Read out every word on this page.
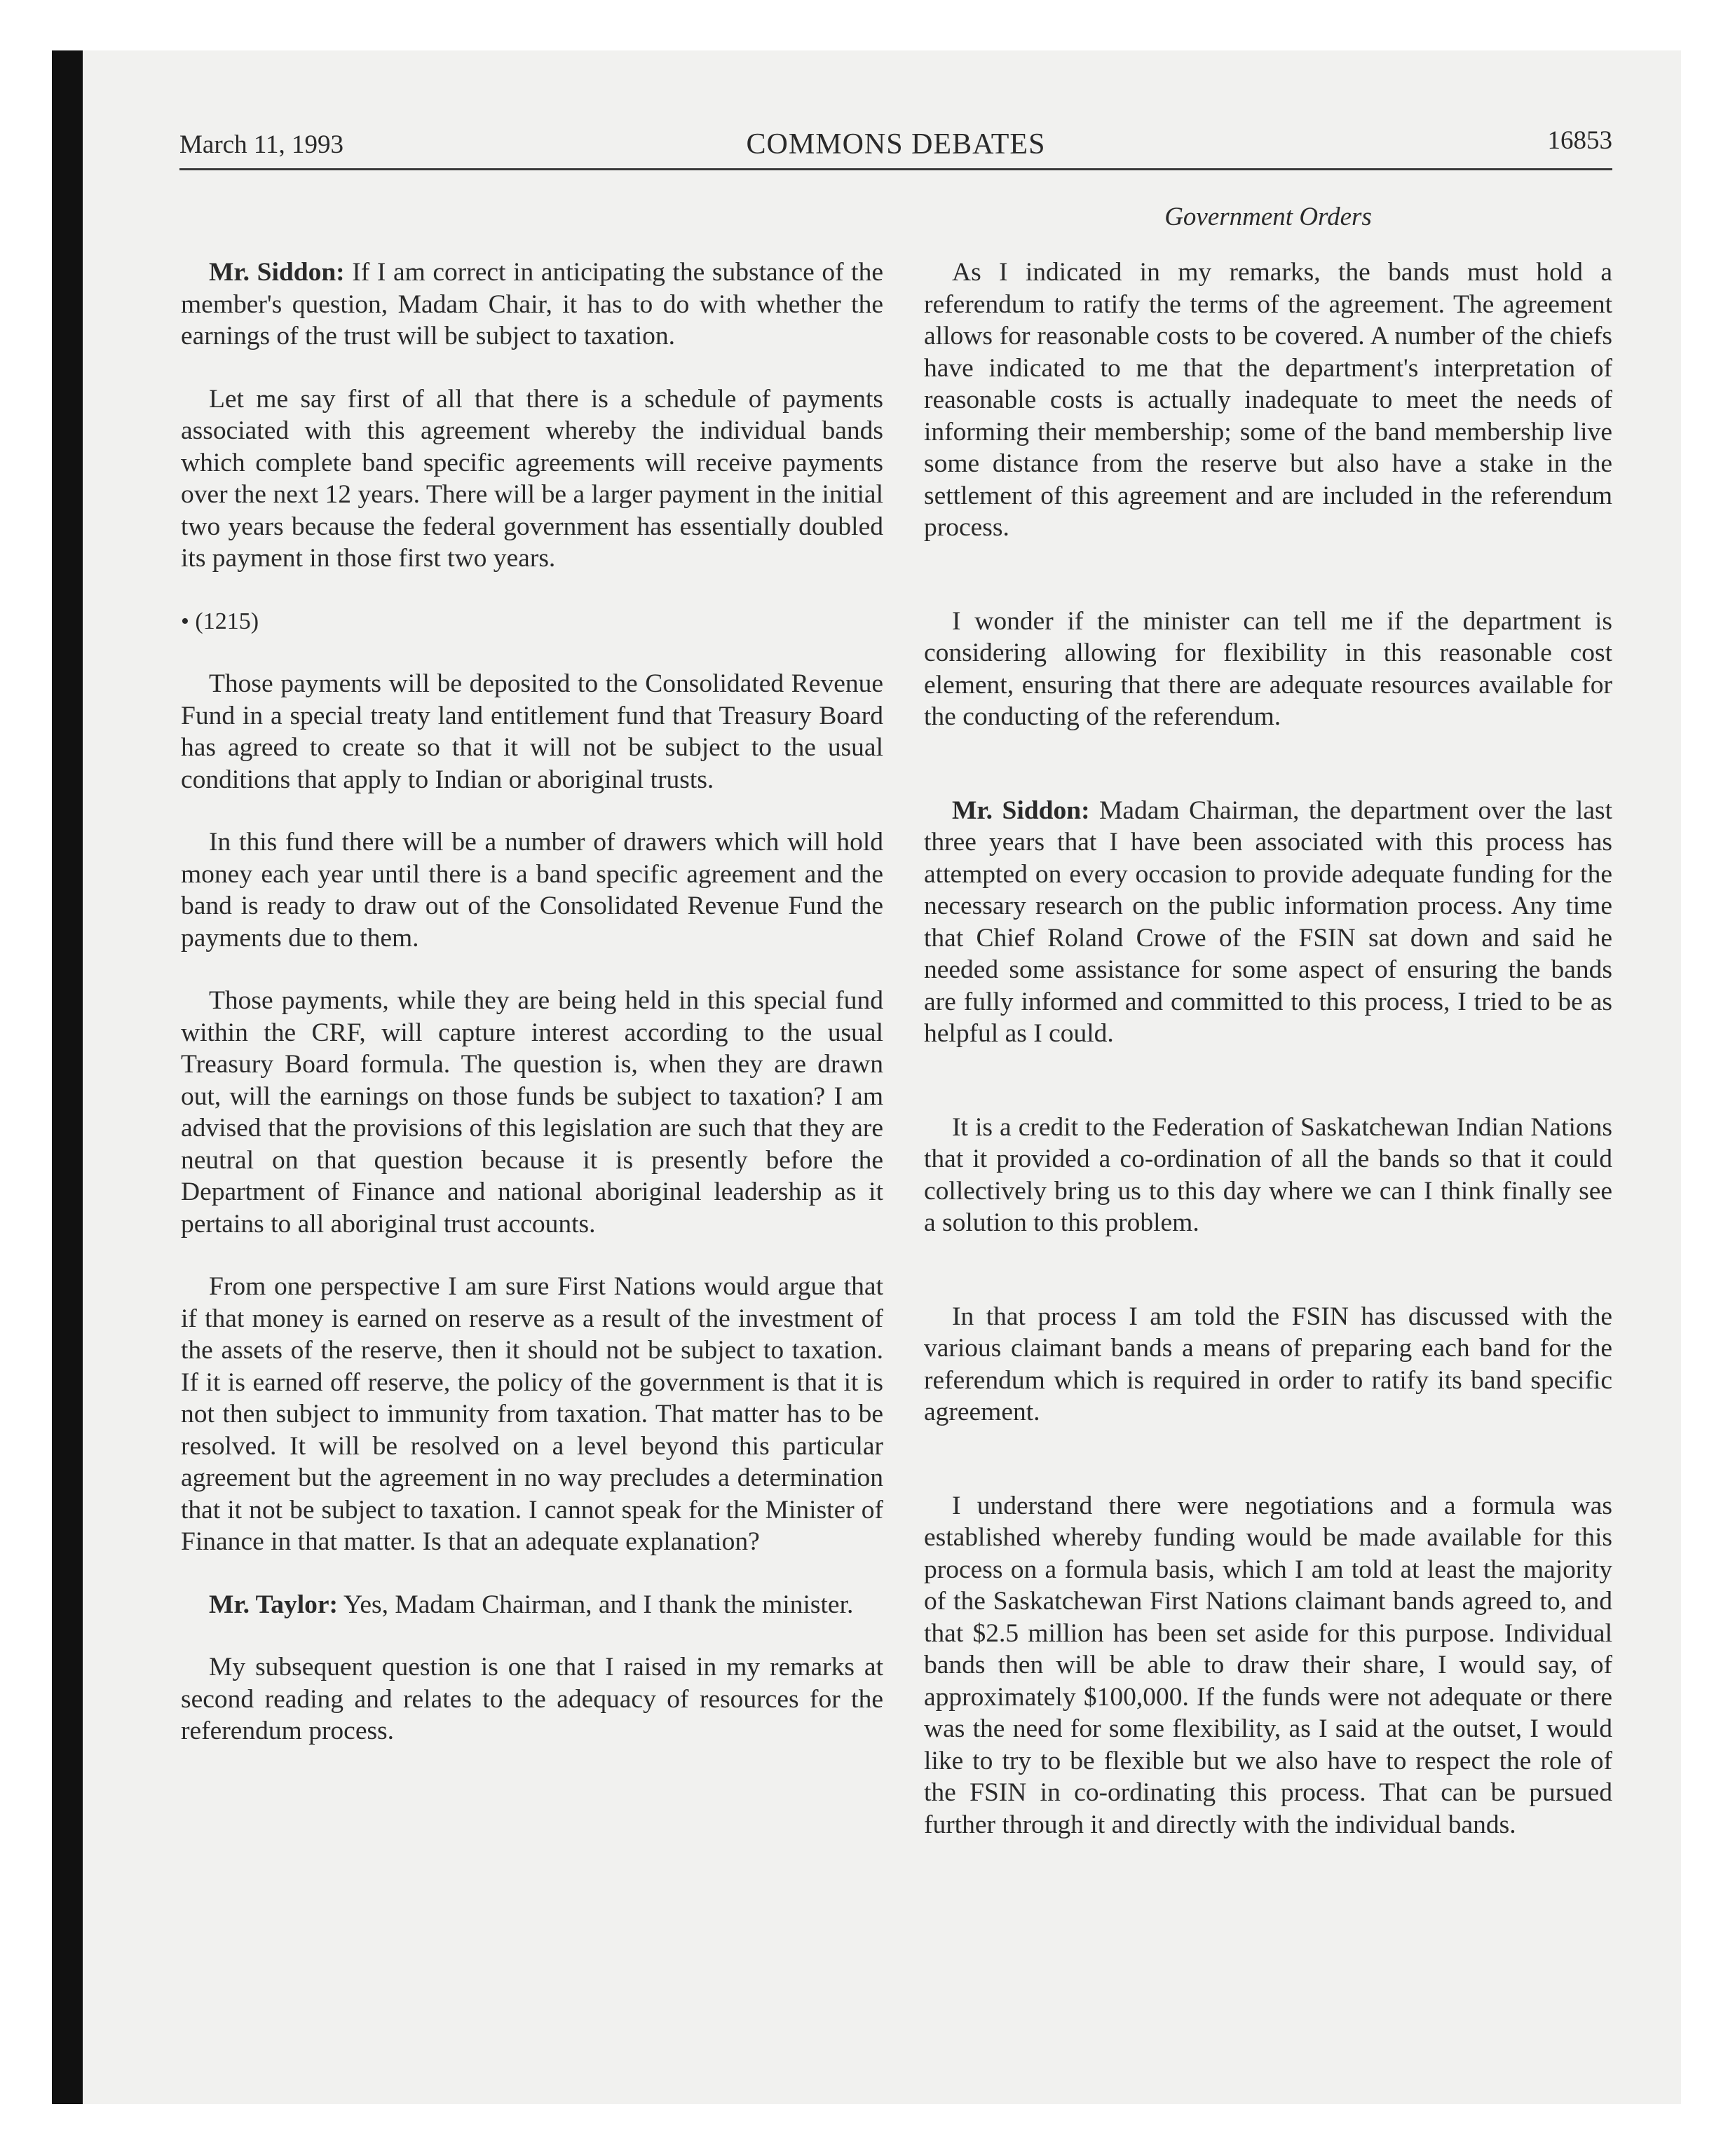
March 11, 1993	COMMONS DEBATES	16853
Government Orders

Mr. Siddon: If I am correct in anticipating the substance of the member's question, Madam Chair, it has to do with whether the earnings of the trust will be subject to taxation.

Let me say first of all that there is a schedule of payments associated with this agreement whereby the individual bands which complete band specific agreements will receive payments over the next 12 years. There will be a larger payment in the initial two years because the federal government has essentially doubled its payment in those first two years.

• (1215)

Those payments will be deposited to the Consolidated Revenue Fund in a special treaty land entitlement fund that Treasury Board has agreed to create so that it will not be subject to the usual conditions that apply to Indian or aboriginal trusts.

In this fund there will be a number of drawers which will hold money each year until there is a band specific agreement and the band is ready to draw out of the Consolidated Revenue Fund the payments due to them.

Those payments, while they are being held in this special fund within the CRF, will capture interest according to the usual Treasury Board formula. The question is, when they are drawn out, will the earnings on those funds be subject to taxation? I am advised that the provisions of this legislation are such that they are neutral on that question because it is presently before the Department of Finance and national aboriginal leadership as it pertains to all aboriginal trust accounts.

From one perspective I am sure First Nations would argue that if that money is earned on reserve as a result of the investment of the assets of the reserve, then it should not be subject to taxation. If it is earned off reserve, the policy of the government is that it is not then subject to immunity from taxation. That matter has to be resolved. It will be resolved on a level beyond this particular agreement but the agreement in no way precludes a determination that it not be subject to taxation. I cannot speak for the Minister of Finance in that matter. Is that an adequate explanation?

Mr. Taylor: Yes, Madam Chairman, and I thank the minister.

My subsequent question is one that I raised in my remarks at second reading and relates to the adequacy of resources for the referendum process.

As I indicated in my remarks, the bands must hold a referendum to ratify the terms of the agreement. The agreement allows for reasonable costs to be covered. A number of the chiefs have indicated to me that the department's interpretation of reasonable costs is actually inadequate to meet the needs of informing their membership; some of the band membership live some distance from the reserve but also have a stake in the settlement of this agreement and are included in the referendum process.

I wonder if the minister can tell me if the department is considering allowing for flexibility in this reasonable cost element, ensuring that there are adequate resources available for the conducting of the referendum.

Mr. Siddon: Madam Chairman, the department over the last three years that I have been associated with this process has attempted on every occasion to provide adequate funding for the necessary research on the public information process. Any time that Chief Roland Crowe of the FSIN sat down and said he needed some assistance for some aspect of ensuring the bands are fully informed and committed to this process, I tried to be as helpful as I could.

It is a credit to the Federation of Saskatchewan Indian Nations that it provided a co-ordination of all the bands so that it could collectively bring us to this day where we can I think finally see a solution to this problem.

In that process I am told the FSIN has discussed with the various claimant bands a means of preparing each band for the referendum which is required in order to ratify its band specific agreement.

I understand there were negotiations and a formula was established whereby funding would be made available for this process on a formula basis, which I am told at least the majority of the Saskatchewan First Nations claimant bands agreed to, and that $2.5 million has been set aside for this purpose. Individual bands then will be able to draw their share, I would say, of approximately $100,000. If the funds were not adequate or there was the need for some flexibility, as I said at the outset, I would like to try to be flexible but we also have to respect the role of the FSIN in co-ordinating this process. That can be pursued further through it and directly with the individual bands.
